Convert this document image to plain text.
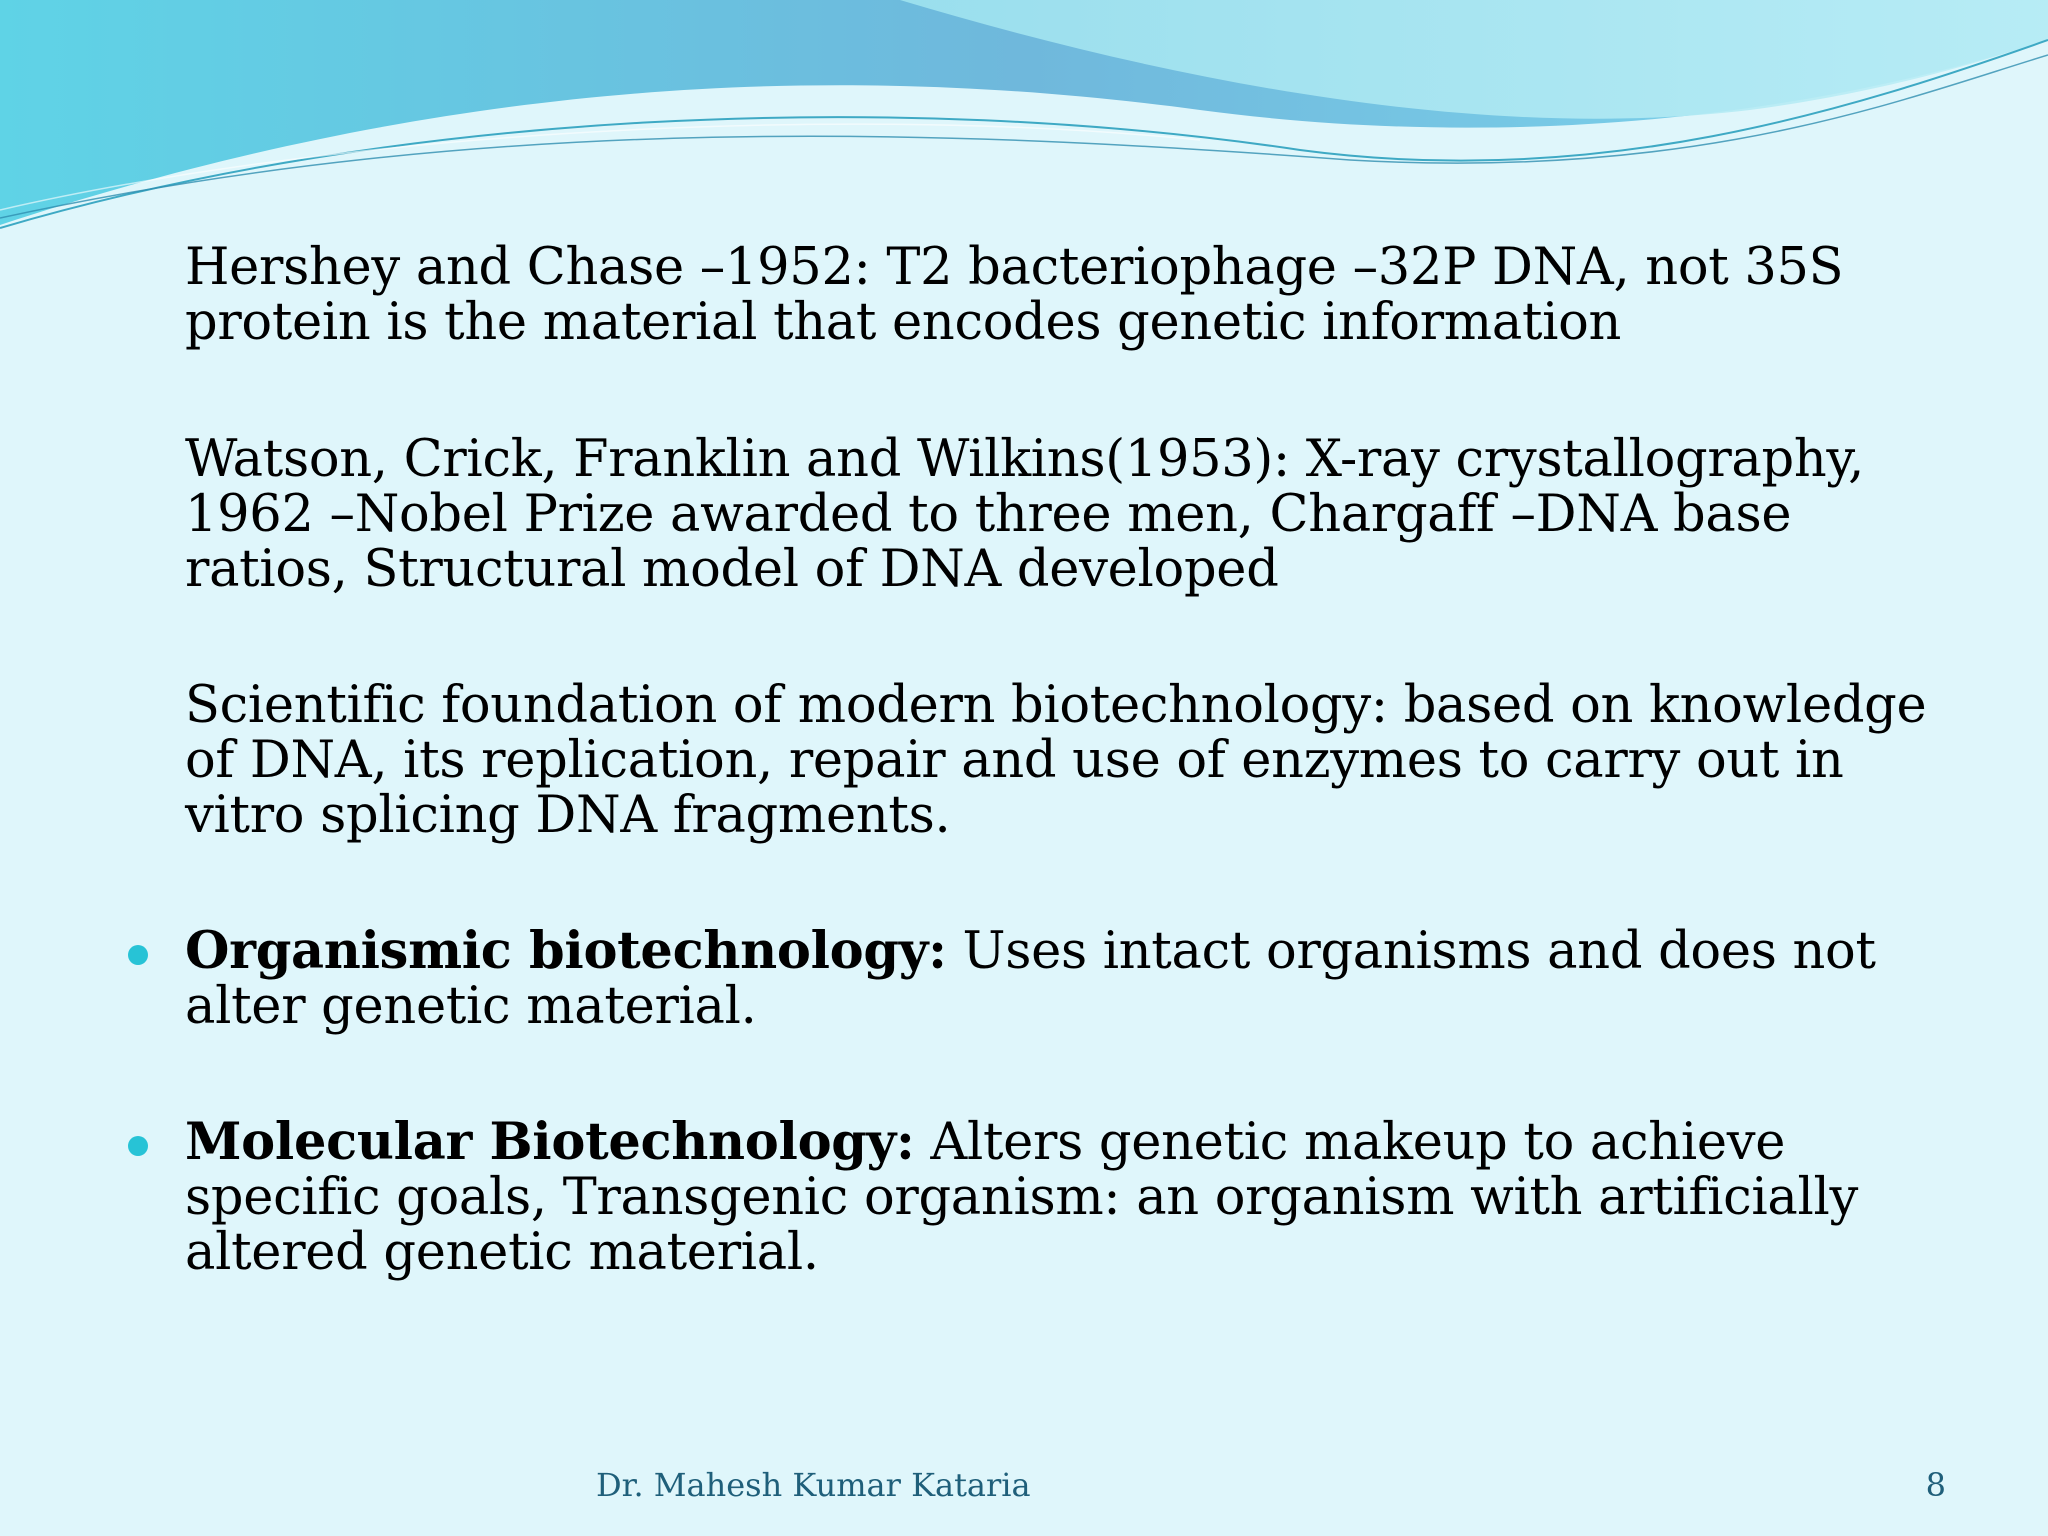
Hershey and Chase –1952: T2 bacteriophage –32P DNA, not 35S protein is the material that encodes genetic information
Watson, Crick, Franklin and Wilkins(1953): X-ray crystallography, 1962 –Nobel Prize awarded to three men, Chargaff –DNA base ratios, Structural model of DNA developed
Scientific foundation of modern biotechnology: based on knowledge of DNA, its replication, repair and use of enzymes to carry out in vitro splicing DNA fragments.
Organismic biotechnology: Uses intact organisms and does not alter genetic material.
Molecular Biotechnology: Alters genetic makeup to achieve specific goals, Transgenic organism: an organism with artificially altered genetic material.
Dr. Mahesh Kumar Kataria	8
